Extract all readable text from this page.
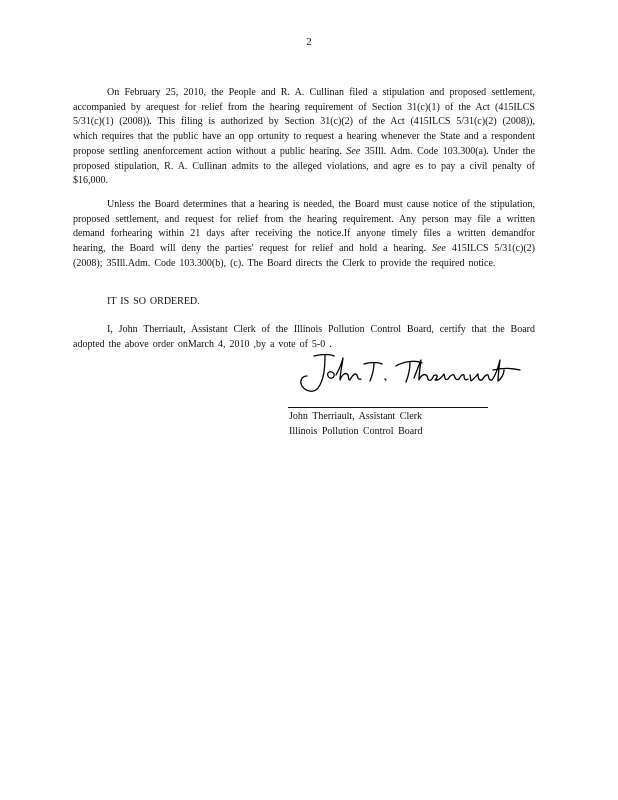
2

On February 25, 2010, the People and R. A. Cullinan filed a stipulation and proposed settlement, accompanied by arequest for relief from the hearing requirement of Section 31(c)(1) of the Act (415ILCS 5/31(c)(1) (2008)). This filing is authorized by Section 31(c)(2) of the Act (415ILCS 5/31(c)(2) (2008)), which requires that the public have an opp ortunity to request a hearing whenever the State and a respondent propose settling anenforcement action without a public hearing. See 35Ill. Adm. Code 103.300(a). Under the proposed stipulation, R. A. Cullinan admits to the alleged violations, and agre es to pay a civil penalty of $16,000.

Unless the Board determines that a hearing is needed, the Board must cause notice of the stipulation, proposed settlement, and request for relief from the hearing requirement. Any person may file a written demand forhearing within 21 days after receiving the notice.If anyone timely files a written demandfor hearing, the Board will deny the parties' request for relief and hold a hearing. See 415ILCS 5/31(c)(2) (2008); 35Ill.Adm. Code 103.300(b), (c). The Board directs the Clerk to provide the required notice.

IT IS SO ORDERED.

I, John Therriault, Assistant Clerk of the Illinois Pollution Control Board, certify that the Board adopted the above order onMarch 4, 2010 ,by a vote of 5-0 .

John Therriault, Assistant Clerk
Illinois Pollution Control Board
